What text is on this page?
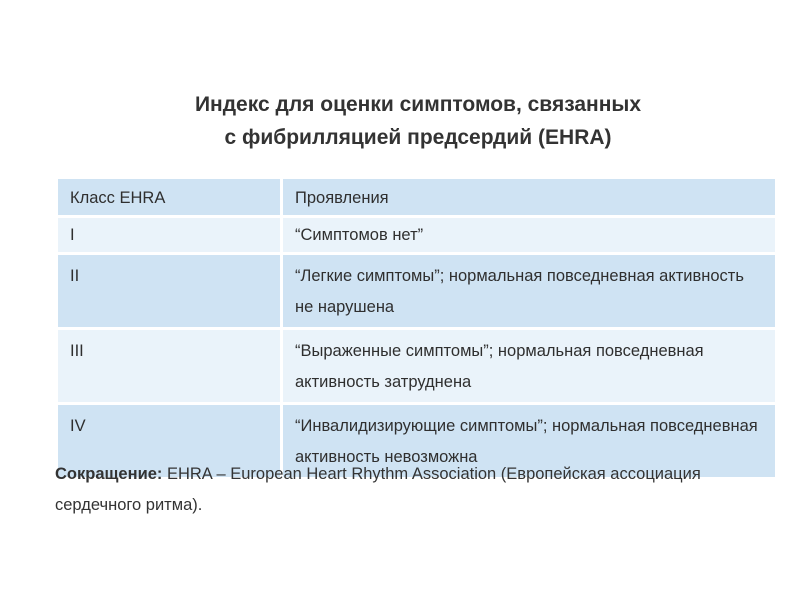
Индекс для оценки симптомов, связанных
с фибрилляцией предсердий (EHRA)
Класс EHRA	Проявления
I	“Симптомов нет”
II	“Легкие симптомы”; нормальная повседневная активность не нарушена
III	“Выраженные симптомы”; нормальная повседневная активность затруднена
IV	“Инвалидизирующие симптомы”; нормальная повседневная активность невозможна
Сокращение: EHRA – European Heart Rhythm Association (Европейская ассоциация сердечного ритма).
